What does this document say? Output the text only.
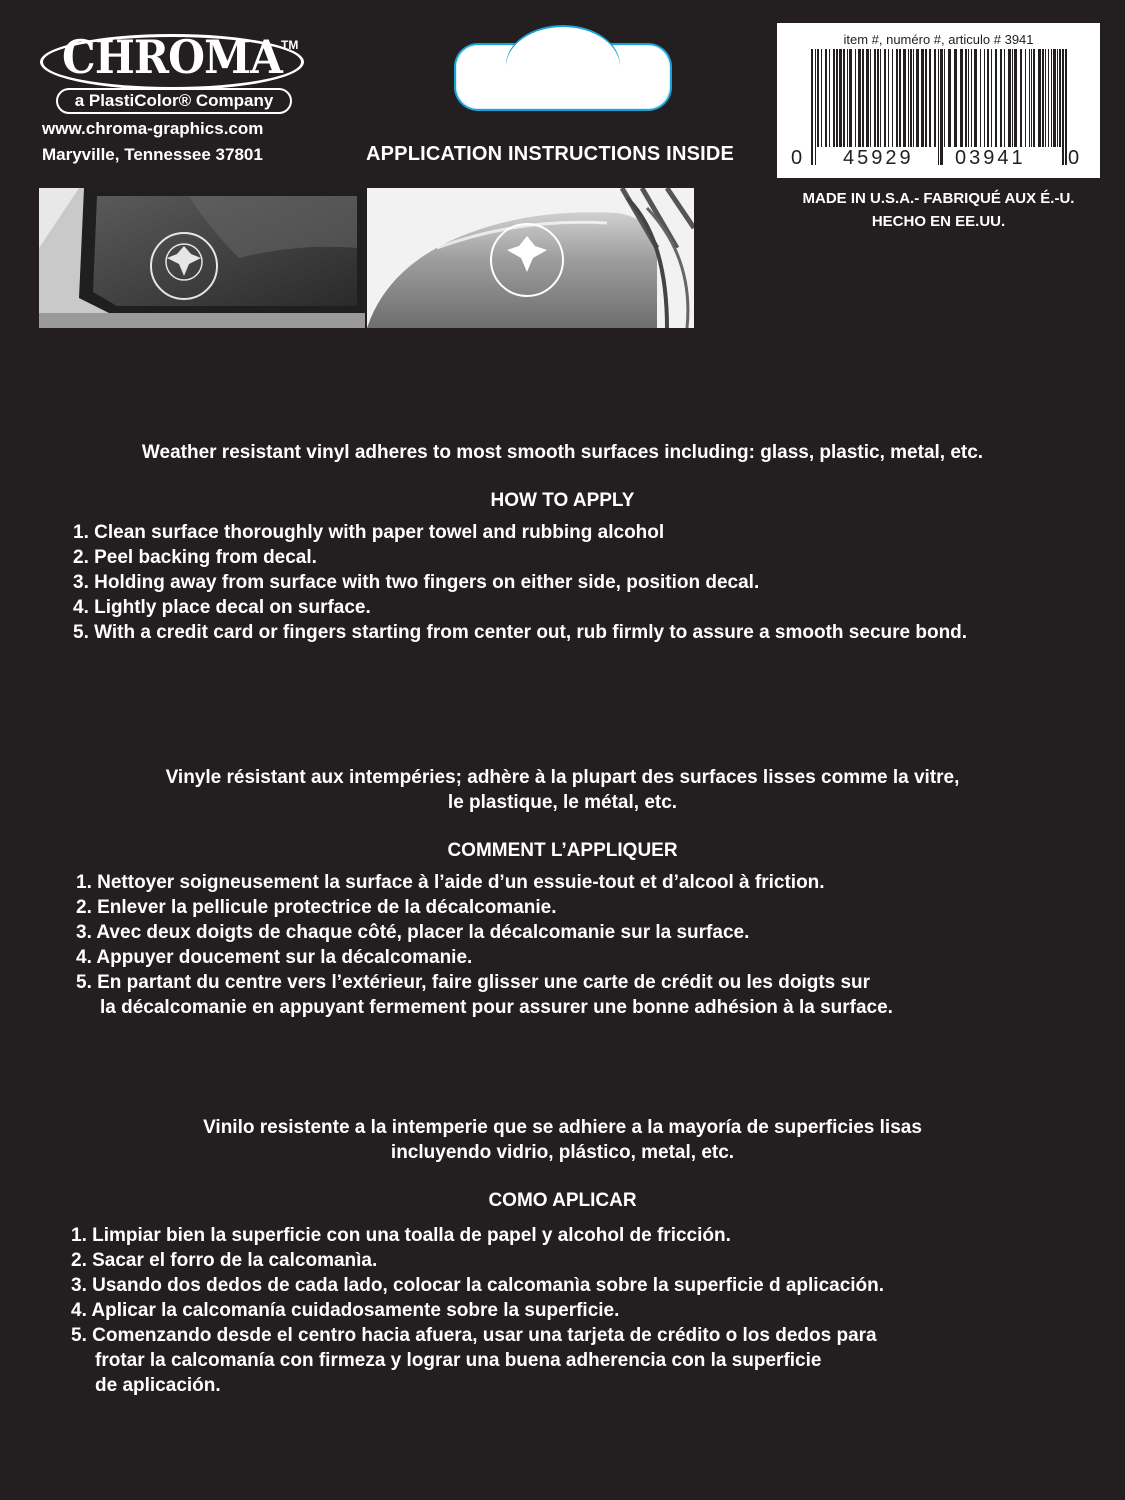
CHROMA TM
a PlastiColor® Company
www.chroma-graphics.com
Maryville, Tennessee 37801	APPLICATION INSTRUCTIONS INSIDE
item #, numéro #, articulo # 3941
0 45929 03941 0
MADE IN U.S.A.- FABRIQUÉ AUX É.-U.
HECHO EN EE.UU.
Weather resistant vinyl adheres to most smooth surfaces including: glass, plastic, metal, etc.
HOW TO APPLY
1. Clean surface thoroughly with paper towel and rubbing alcohol
2. Peel backing from decal.
3. Holding away from surface with two fingers on either side, position decal.
4. Lightly place decal on surface.
5. With a credit card or fingers starting from center out, rub firmly to assure a smooth secure bond.
Vinyle résistant aux intempéries; adhère à la plupart des surfaces lisses comme la vitre,
le plastique, le métal, etc.
COMMENT L’APPLIQUER
1. Nettoyer soigneusement la surface à l’aide d’un essuie-tout et d’alcool à friction.
2. Enlever la pellicule protectrice de la décalcomanie.
3. Avec deux doigts de chaque côté, placer la décalcomanie sur la surface.
4. Appuyer doucement sur la décalcomanie.
5. En partant du centre vers l’extérieur, faire glisser une carte de crédit ou les doigts sur
la décalcomanie en appuyant fermement pour assurer une bonne adhésion à la surface.
Vinilo resistente a la intemperie que se adhiere a la mayoría de superficies lisas
incluyendo vidrio, plástico, metal, etc.
COMO APLICAR
1. Limpiar bien la superficie con una toalla de papel y alcohol de fricción.
2. Sacar el forro de la calcomanìa.
3. Usando dos dedos de cada lado, colocar la calcomanìa sobre la superficie d aplicación.
4. Aplicar la calcomanía cuidadosamente sobre la superficie.
5. Comenzando desde el centro hacia afuera, usar una tarjeta de crédito o los dedos para
frotar la calcomanía con firmeza y lograr una buena adherencia con la superficie
de aplicación.
